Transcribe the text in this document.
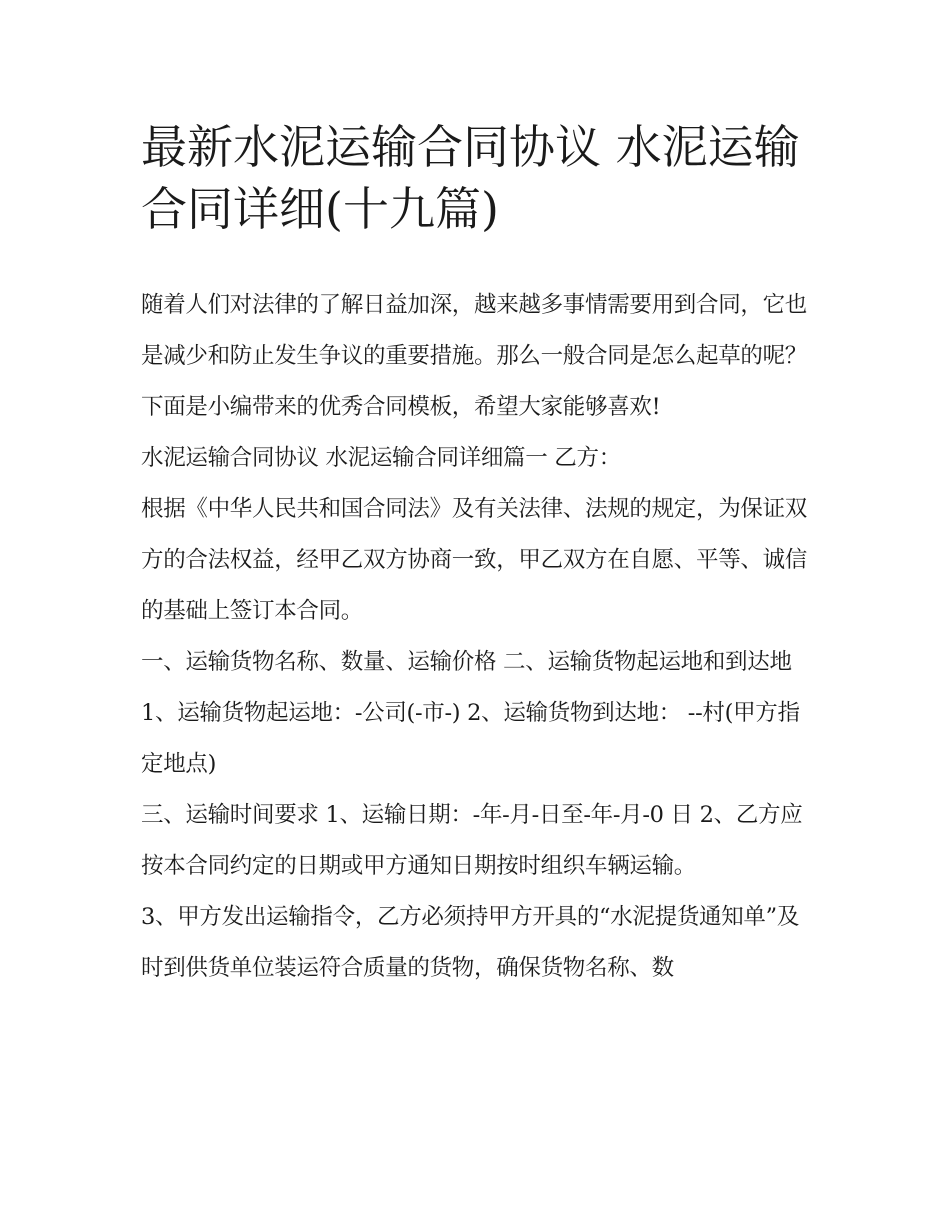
最新水泥运输合同协议 水泥运输合同详细(十九篇)

随着人们对法律的了解日益加深，越来越多事情需要用到合同，它也是减少和防止发生争议的重要措施。那么一般合同是怎么起草的呢？下面是小编带来的优秀合同模板，希望大家能够喜欢!

水泥运输合同协议 水泥运输合同详细篇一 乙方：

根据《中华人民共和国合同法》及有关法律、法规的规定，为保证双方的合法权益，经甲乙双方协商一致，甲乙双方在自愿、平等、诚信的基础上签订本合同。

一、运输货物名称、数量、运输价格 二、运输货物起运地和到达地 1、运输货物起运地：-公司(-市-) 2、运输货物到达地： --村(甲方指定地点)

三、运输时间要求 1、运输日期：-年-月-日至-年-月-0 日 2、乙方应按本合同约定的日期或甲方通知日期按时组织车辆运输。

3、甲方发出运输指令，乙方必须持甲方开具的“水泥提货通知单”及时到供货单位装运符合质量的货物，确保货物名称、数
